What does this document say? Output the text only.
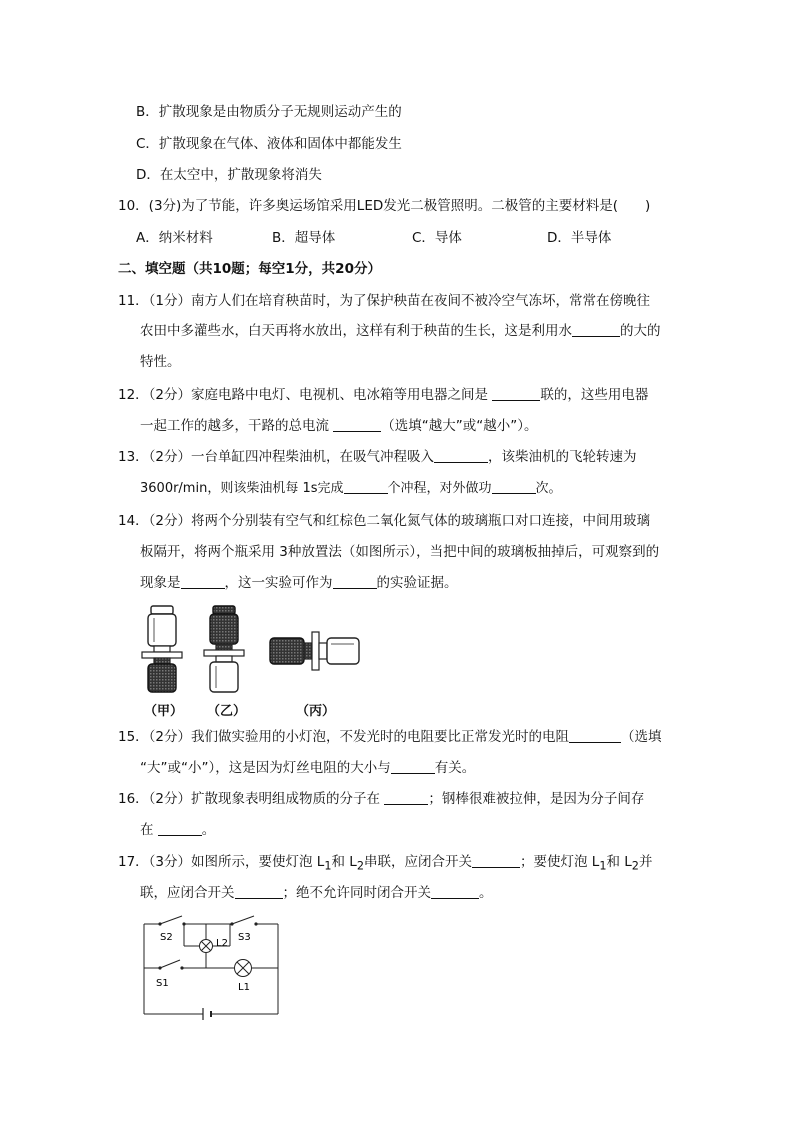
B．扩散现象是由物质分子无规则运动产生的
C．扩散现象在气体、液体和固体中都能发生
D．在太空中，扩散现象将消失
10．(3分)为了节能，许多奥运场馆采用LED发光二极管照明。二极管的主要材料是(　　)
A．纳米材料	B．超导体	C．导体	D．半导体
二、填空题（共10题；每空1分，共20分）
11．（1分）南方人们在培育秧苗时，为了保护秧苗在夜间不被冷空气冻坏，常常在傍晚往
农田中多灌些水，白天再将水放出，这样有利于秧苗的生长，这是利用水	的大的
特性。
12．（2分）家庭电路中电灯、电视机、电冰箱等用电器之间是	联的，这些用电器
一起工作的越多，干路的总电流	（选填“越大”或“越小”）。
13．（2分）一台单缸四冲程柴油机，在吸气冲程吸入	，该柴油机的飞轮转速为
3600r/min，则该柴油机每 1s完成	个冲程，对外做功	次。
14．（2分）将两个分别装有空气和红棕色二氧化氮气体的玻璃瓶口对口连接，中间用玻璃
板隔开，将两个瓶采用 3种放置法（如图所示），当把中间的玻璃板抽掉后，可观察到的
现象是	，这一实验可作为	的实验证据。
（甲） （乙）	（丙）
15．（2分）我们做实验用的小灯泡，不发光时的电阻要比正常发光时的电阻	（选填
“大”或“小”），这是因为灯丝电阻的大小与	有关。
16．（2分）扩散现象表明组成物质的分子在	；钢棒很难被拉伸，是因为分子间存
在	。
17．（3分）如图所示，要使灯泡 $L_1$和 $L_2$串联，应闭合开关	；要使灯泡 $L_1$和 $L_2$并
联，应闭合开关	；绝不允许同时闭合开关	。
S2
L2
S3
S1	L1
